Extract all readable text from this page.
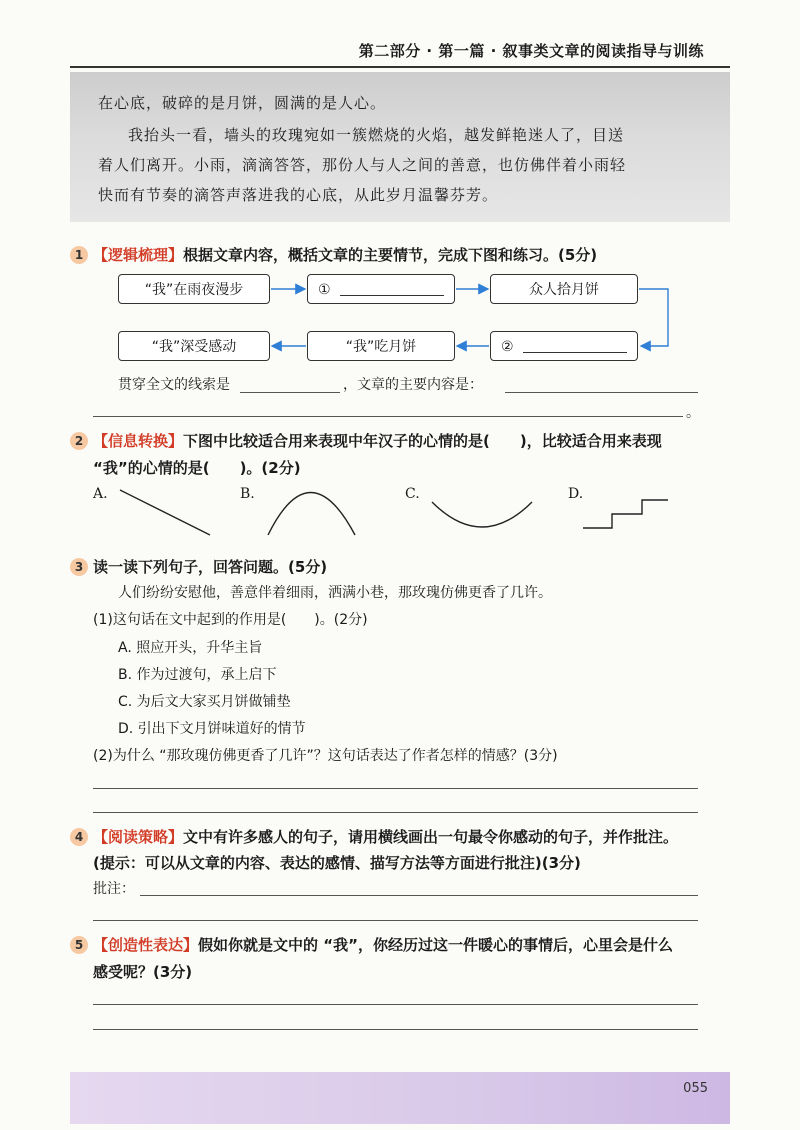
第二部分 · 第一篇 · 叙事类文章的阅读指导与训练

在心底，破碎的是月饼，圆满的是人心。

我抬头一看，墙头的玫瑰宛如一簇燃烧的火焰，越发鲜艳迷人了，目送

着人们离开。小雨，滴滴答答，那份人与人之间的善意，也仿佛伴着小雨轻

快而有节奏的滴答声落进我的心底，从此岁月温馨芬芳。

1 【逻辑梳理】根据文章内容，概括文章的主要情节，完成下图和练习。(5分)
“我”在雨夜漫步	①	众人拾月饼
②
“我”吃月饼
“我”深受感动
贯穿全文的线索是	，文章的主要内容是：
。
2 【信息转换】下图中比较适合用来表现中年汉子的心情的是(　　)，比较适合用来表现
“我”的心情的是(　　)。(2分)
A.	B.	C.	D.
3 读一读下列句子，回答问题。(5分)
人们纷纷安慰他，善意伴着细雨，洒满小巷，那玫瑰仿佛更香了几许。
(1)这句话在文中起到的作用是(　　)。(2分)
A. 照应开头，升华主旨
B. 作为过渡句，承上启下
C. 为后文大家买月饼做铺垫
D. 引出下文月饼味道好的情节
(2)为什么 “那玫瑰仿佛更香了几许”？这句话表达了作者怎样的情感？(3分)
4 【阅读策略】文中有许多感人的句子，请用横线画出一句最令你感动的句子，并作批注。
(提示：可以从文章的内容、表达的感情、描写方法等方面进行批注)(3分)
批注：
5 【创造性表达】假如你就是文中的 “我”，你经历过这一件暖心的事情后，心里会是什么
感受呢？(3分)
055
